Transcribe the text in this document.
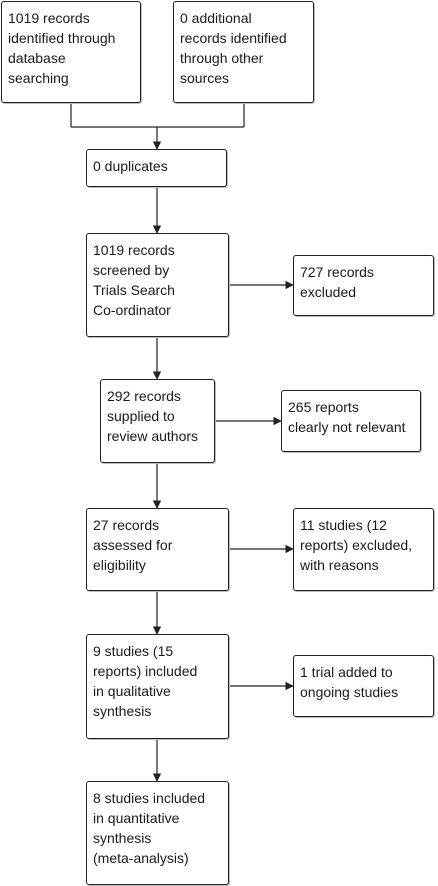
1019 records
identified through
database
searching
0 additional
records identified
through other
sources
0 duplicates
1019 records
screened by
Trials Search
Co-ordinator
727 records
excluded
292 records
supplied to
review authors
265 reports
clearly not relevant
27 records
assessed for
eligibility
11 studies (12
reports) excluded,
with reasons
9 studies (15
reports) included
in qualitative
synthesis
1 trial added to
ongoing studies
8 studies included
in quantitative
synthesis
(meta-analysis)
